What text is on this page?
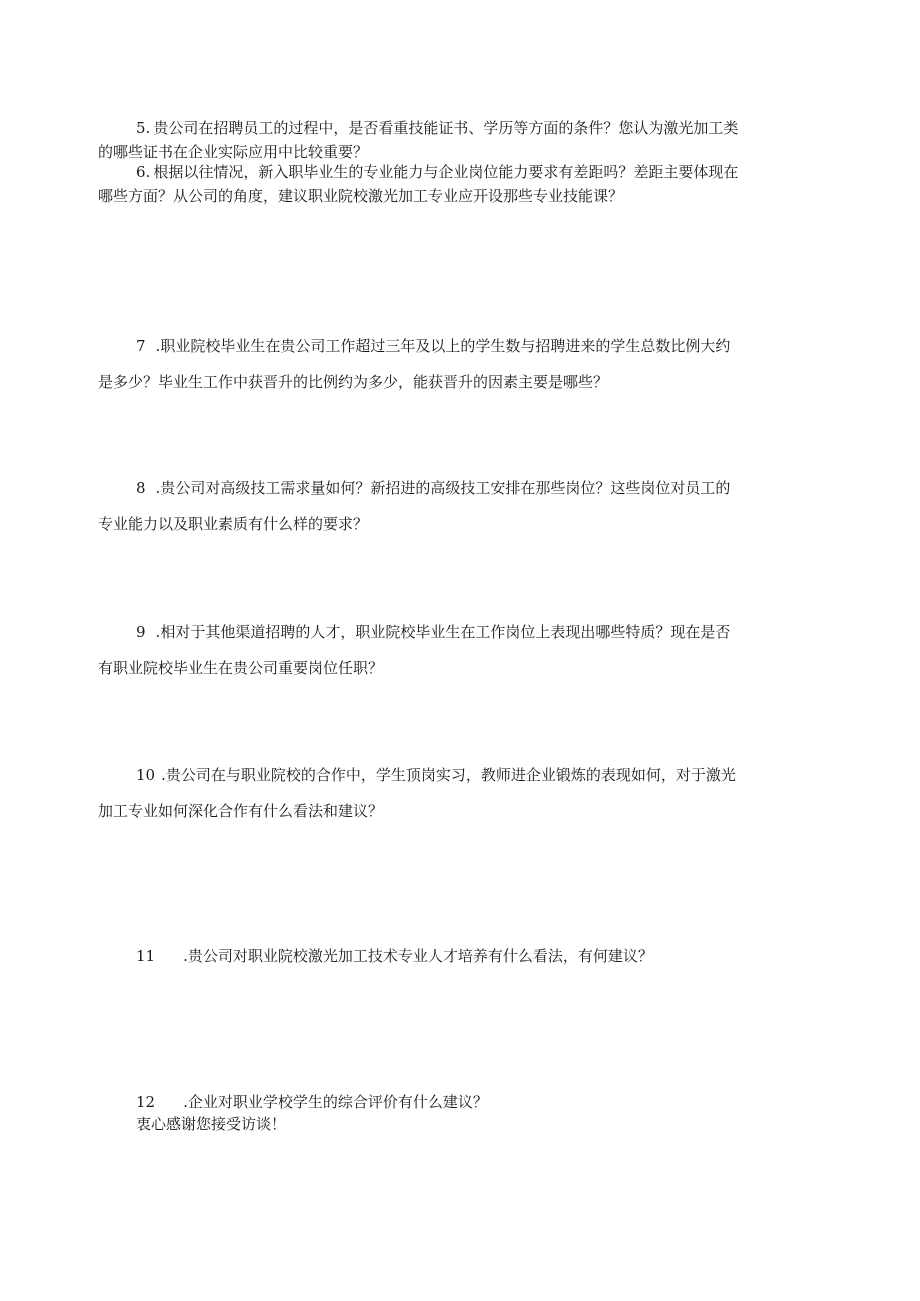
5. 贵公司在招聘员工的过程中，是否看重技能证书、学历等方面的条件？您认为激光加工类
的哪些证书在企业实际应用中比较重要？
6. 根据以往情况，新入职毕业生的专业能力与企业岗位能力要求有差距吗？差距主要体现在
哪些方面？从公司的角度，建议职业院校激光加工专业应开设那些专业技能课？
7 .职业院校毕业生在贵公司工作超过三年及以上的学生数与招聘进来的学生总数比例大约
是多少？毕业生工作中获晋升的比例约为多少，能获晋升的因素主要是哪些？
8 .贵公司对高级技工需求量如何？新招进的高级技工安排在那些岗位？这些岗位对员工的
专业能力以及职业素质有什么样的要求？
9 .相对于其他渠道招聘的人才，职业院校毕业生在工作岗位上表现出哪些特质？现在是否
有职业院校毕业生在贵公司重要岗位任职？
10 .贵公司在与职业院校的合作中，学生顶岗实习，教师进企业锻炼的表现如何，对于激光
加工专业如何深化合作有什么看法和建议？
11 .贵公司对职业院校激光加工技术专业人才培养有什么看法，有何建议？
12 .企业对职业学校学生的综合评价有什么建议？
衷心感谢您接受访谈！
